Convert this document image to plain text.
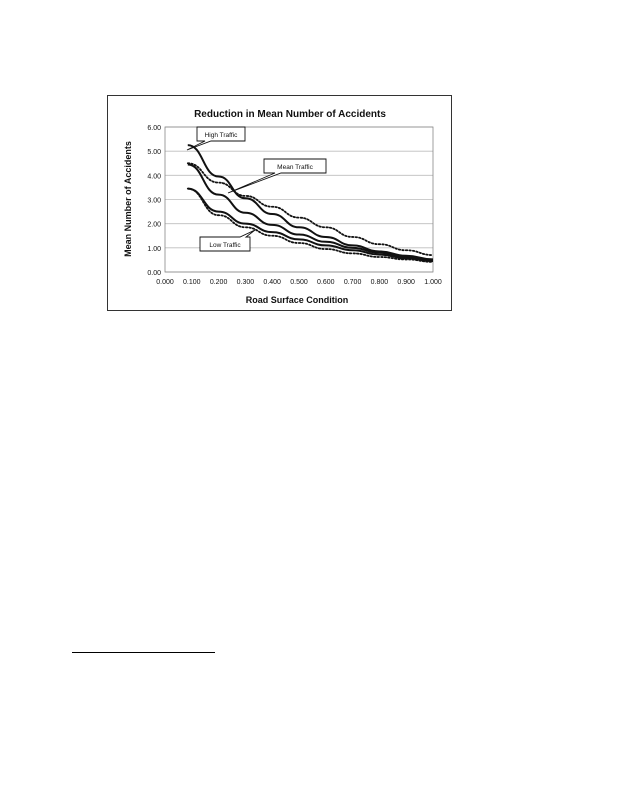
Reduction in Mean Number of Accidents
0.00
1.00
2.00
3.00
4.00
5.00
6.00
0.000 0.100 0.200 0.300 0.400 0.500 0.600 0.700 0.800 0.900 1.000
High Traffic
Mean Traffic
Low Traffic
Road Surface Condition
Mean Number of Accidents
